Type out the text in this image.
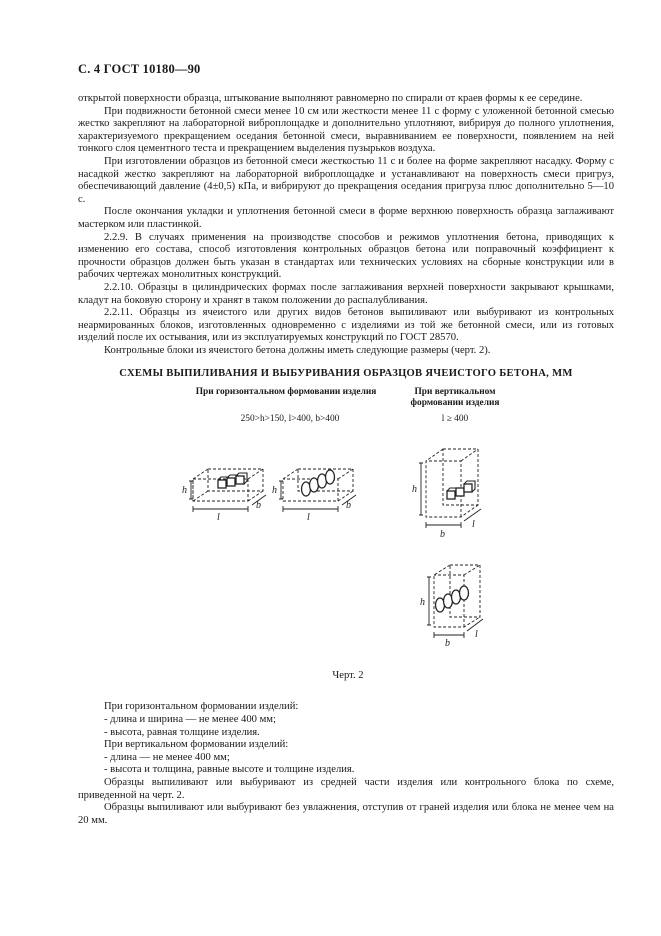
С. 4 ГОСТ 10180—90

открытой поверхности образца, штыкование выполняют равномерно по спирали от краев формы к ее середине.

При подвижности бетонной смеси менее 10 см или жесткости менее 11 с форму с уложенной бетонной смесью жестко закрепляют на лабораторной виброплощадке и дополнительно уплотняют, вибрируя до полного уплотнения, характеризуемого прекращением оседания бетонной смеси, выравниванием ее поверхности, появлением на ней тонкого слоя цементного теста и прекращением выделения пузырьков воздуха.

При изготовлении образцов из бетонной смеси жесткостью 11 с и более на форме закрепляют насадку. Форму с насадкой жестко закрепляют на лабораторной виброплощадке и устанавливают на поверхность смеси пригруз, обеспечивающий давление (4±0,5) кПа, и вибрируют до прекращения оседания пригруза плюс дополнительно 5—10 с.

После окончания укладки и уплотнения бетонной смеси в форме верхнюю поверхность образца заглаживают мастерком или пластинкой.

2.2.9. В случаях применения на производстве способов и режимов уплотнения бетона, приводящих к изменению его состава, способ изготовления контрольных образцов бетона или поправочный коэффициент к прочности образцов должен быть указан в стандартах или технических условиях на сборные конструкции или в рабочих чертежах монолитных конструкций.

2.2.10. Образцы в цилиндрических формах после заглаживания верхней поверхности закрывают крышками, кладут на боковую сторону и хранят в таком положении до распалубливания.

2.2.11. Образцы из ячеистого или других видов бетонов выпиливают или выбуривают из контрольных неармированных блоков, изготовленных одновременно с изделиями из той же бетонной смеси, или из готовых изделий после их остывания, или из эксплуатируемых конструкций по ГОСТ 28570.

Контрольные блоки из ячеистого бетона должны иметь следующие размеры (черт. 2).

СХЕМЫ ВЫПИЛИВАНИЯ И ВЫБУРИВАНИЯ ОБРАЗЦОВ ЯЧЕИСТОГО БЕТОНА, ММ
При горизонтальном формовании изделия	При вертикальном
формовании изделия
250>h>150, l>400, b>400	l ≥ 400
h
l
b
h
l
b
h
b
l
h
b
l
Черт. 2

При горизонтальном формовании изделий:

- длина и ширина — не менее 400 мм;

- высота, равная толщине изделия.

При вертикальном формовании изделий:

- длина — не менее 400 мм;

- высота и толщина, равные высоте и толщине изделия.

Образцы выпиливают или выбуривают из средней части изделия или контрольного блока по схеме, приведенной на черт. 2.

Образцы выпиливают или выбуривают без увлажнения, отступив от граней изделия или блока не менее чем на 20 мм.
